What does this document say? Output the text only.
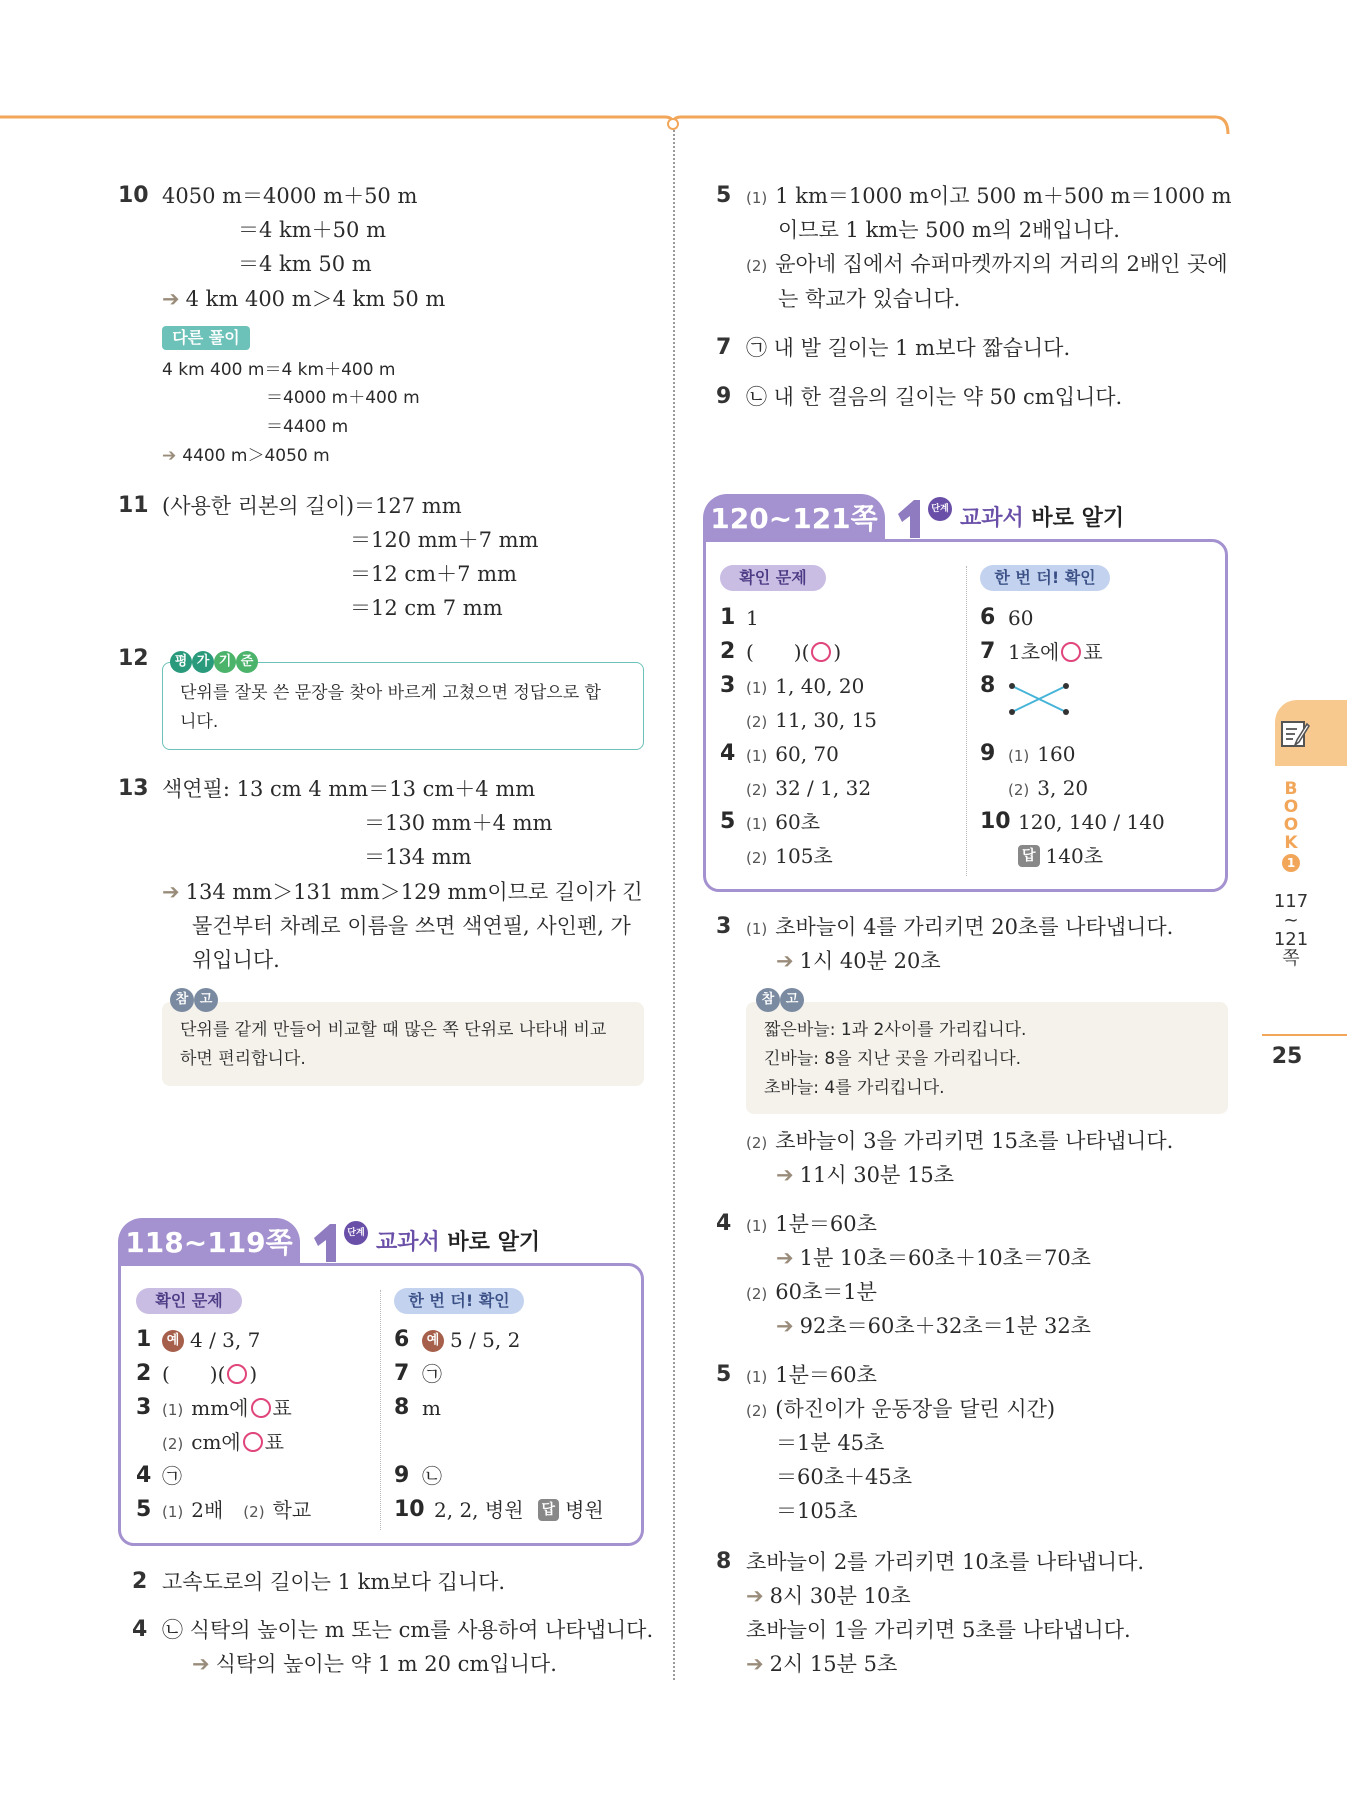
10 4050 m＝4000 m＋50 m
＝4 km＋50 m
＝4 km 50 m
➔ 4 km 400 m＞4 km 50 m
다른 풀이
4 km 400 m＝4 km＋400 m
＝4000 m＋400 m
＝4400 m
➔ 4400 m＞4050 m
11 (사용한 리본의 길이)＝127 mm
＝120 mm＋7 mm
＝12 cm＋7 mm
＝12 cm 7 mm
12	평 가 기 준
단위를 잘못 쓴 문장을 찾아 바르게 고쳤으면 정답으로 합
니다.
13 색연필: 13 cm 4 mm＝13 cm＋4 mm
＝130 mm＋4 mm
＝134 mm
➔ 134 mm＞131 mm＞129 mm이므로 길이가 긴
물건부터 차례로 이름을 쓰면 색연필, 사인펜, 가
위입니다.
참 고
단위를 같게 만들어 비교할 때 많은 쪽 단위로 나타내 비교
하면 편리합니다.
118~119쪽	단계 교과서 바로 알기
확인 문제	한 번 더! 확인
1	예 4 / 3, 7
2 (　　)( ○ )
3 (1) mm에 ○ 표
(2) cm에 ○ 표
4 ㉠
5 (1) 2배 (2) 학교
6	예 5 / 5, 2
7 ㉠
8 m
9 ㉡
10 2, 2, 병원 답 병원
2 고속도로의 길이는 1 km보다 깁니다.
4 ㉡ 식탁의 높이는 m 또는 cm를 사용하여 나타냅니다.
➔ 식탁의 높이는 약 1 m 20 cm입니다.
5 (1) 1 km＝1000 m이고 500 m＋500 m＝1000 m
이므로 1 km는 500 m의 2배입니다.
(2) 윤아네 집에서 슈퍼마켓까지의 거리의 2배인 곳에
는 학교가 있습니다.
7 ㉠ 내 발 길이는 1 m보다 짧습니다.
9 ㉡ 내 한 걸음의 길이는 약 50 cm입니다.
120~121쪽	단계 교과서 바로 알기
확인 문제	한 번 더! 확인
1 1
2 (　　)( ○ )
3 (1) 1, 40, 20
(2) 11, 30, 15
4 (1) 60, 70
(2) 32 / 1, 32
5 (1) 60초
(2) 105초
6 60
7 1초에 ○ 표
8
9 (1) 160
(2) 3, 20
10 120, 140 / 140
답 140초
3 (1) 초바늘이 4를 가리키면 20초를 나타냅니다.
➔ 1시 40분 20초
참 고
짧은바늘: 1과 2사이를 가리킵니다.
긴바늘: 8을 지난 곳을 가리킵니다.
초바늘: 4를 가리킵니다.
(2) 초바늘이 3을 가리키면 15초를 나타냅니다.
➔ 11시 30분 15초
4 (1) 1분＝60초
➔ 1분 10초＝60초＋10초＝70초
(2) 60초＝1분
➔ 92초＝60초＋32초＝1분 32초
5 (1) 1분＝60초
(2) (하진이가 운동장을 달린 시간)
＝1분 45초
＝60초＋45초
＝105초
8 초바늘이 2를 가리키면 10초를 나타냅니다.
➔ 8시 30분 10초
초바늘이 1을 가리키면 5초를 나타냅니다.
➔ 2시 15분 5초
B
O
O
K
1
117
~
121
쪽
25
